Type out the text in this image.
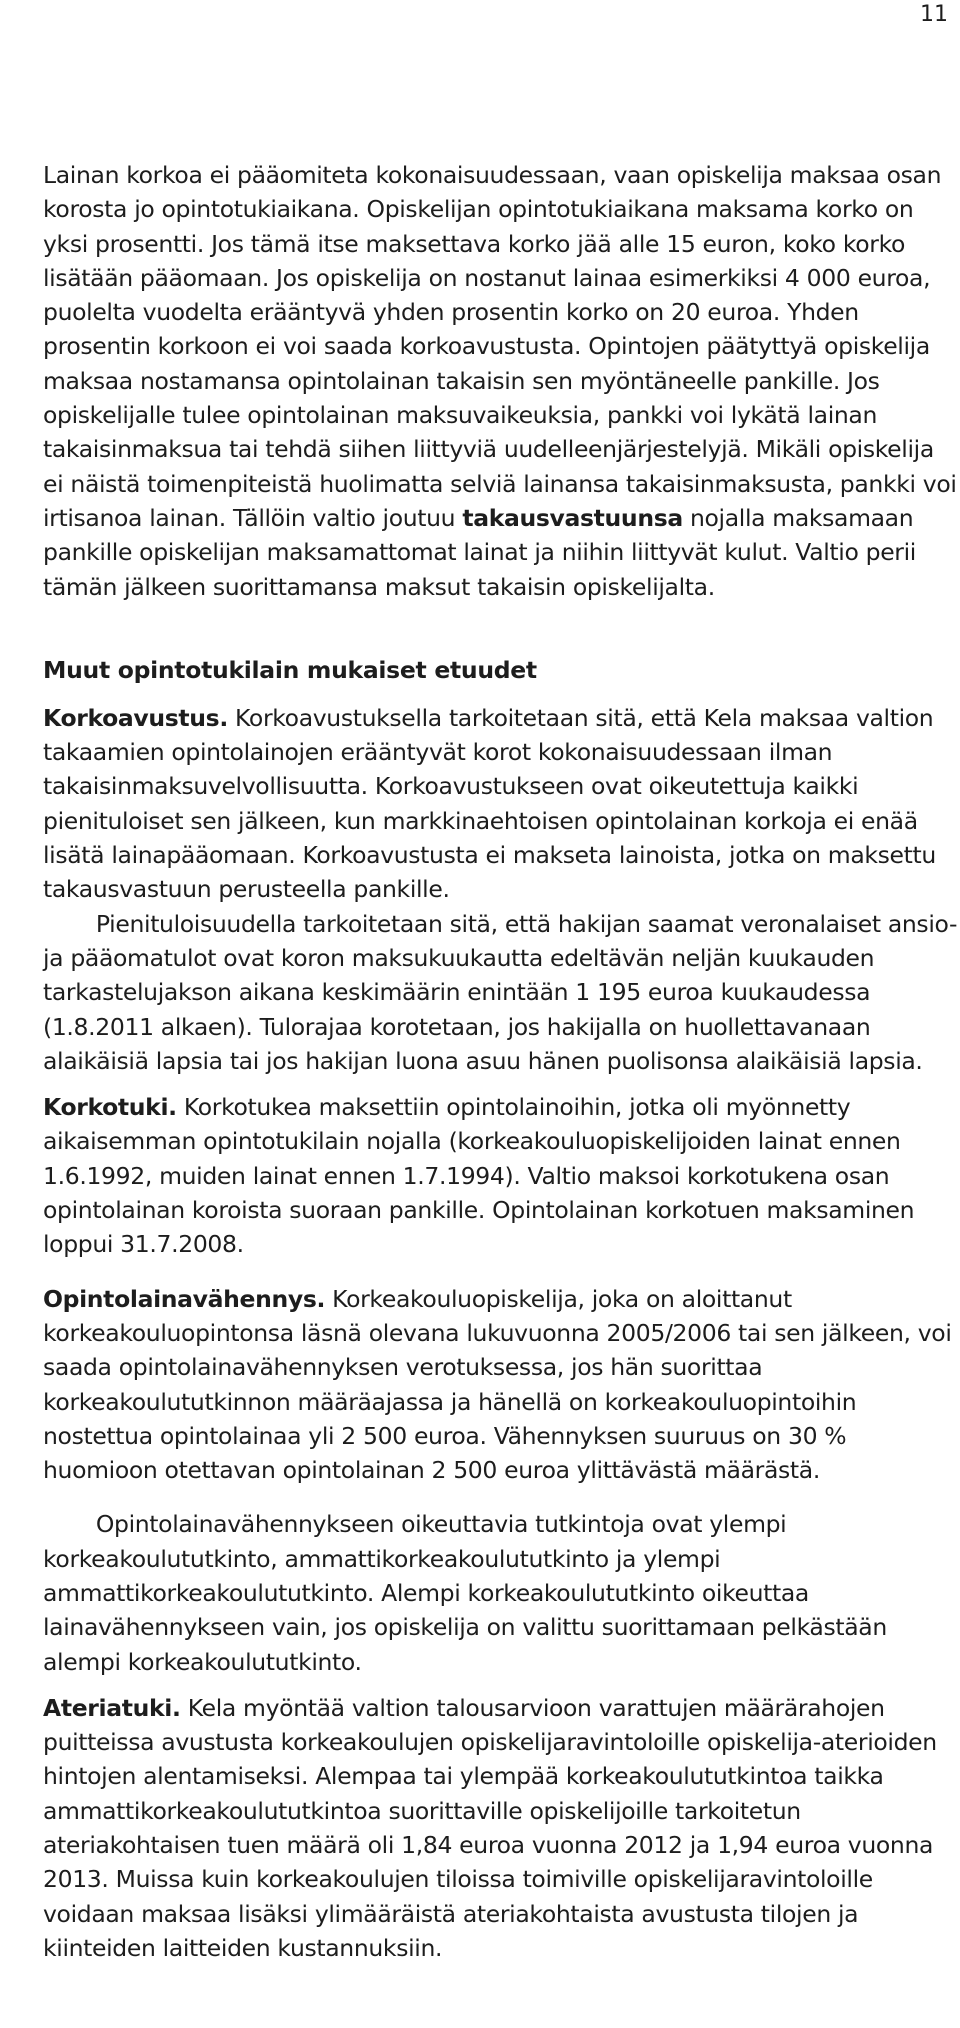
11

Lainan korkoa ei pääomiteta kokonaisuudessaan, vaan opiskelija maksaa osan korosta jo opintotukiaikana. Opiskelijan opintotukiaikana maksama korko on yksi prosentti. Jos tämä itse maksettava korko jää alle 15 euron, koko korko lisätään pääomaan. Jos opiskelija on nostanut lainaa esimerkiksi 4 000 euroa, puolelta vuodelta erääntyvä yhden prosentin korko on 20 euroa. Yhden prosentin korkoon ei voi saada korkoavustusta. Opintojen päätyttyä opiskelija maksaa nostamansa opintolainan takaisin sen myöntäneelle pankille. Jos opiskelijalle tulee opintolainan maksuvaikeuksia, pankki voi lykätä lainan takaisinmaksua tai tehdä siihen liittyviä uudelleenjärjestelyjä. Mikäli opiskelija ei näistä toimenpiteistä huolimatta selviä lainansa takaisinmaksusta, pankki voi irtisanoa lainan. Tällöin valtio joutuu takausvastuunsa nojalla maksamaan pankille opiskelijan maksamattomat lainat ja niihin liittyvät kulut. Valtio perii tämän jälkeen suorittamansa maksut takaisin opiskelijalta.

Muut opintotukilain mukaiset etuudet

Korkoavustus. Korkoavustuksella tarkoitetaan sitä, että Kela maksaa valtion takaamien opintolainojen erääntyvät korot kokonaisuudessaan ilman takaisinmaksuvelvollisuutta. Korkoavustukseen ovat oikeutettuja kaikki pienituloiset sen jälkeen, kun markkinaehtoisen opintolainan korkoja ei enää lisätä lainapääomaan. Korkoavustusta ei makseta lainoista, jotka on maksettu takausvastuun perusteella pankille.

Pienituloisuudella tarkoitetaan sitä, että hakijan saamat veronalaiset ansio- ja pääomatulot ovat koron maksukuukautta edeltävän neljän kuukauden tarkastelujakson aikana keskimäärin enintään 1 195 euroa kuukaudessa (1.8.2011 alkaen). Tulorajaa korotetaan, jos hakijalla on huollettavanaan alaikäisiä lapsia tai jos hakijan luona asuu hänen puolisonsa alaikäisiä lapsia.

Korkotuki. Korkotukea maksettiin opintolainoihin, jotka oli myönnetty aikaisemman opintotukilain nojalla (korkeakouluopiskelijoiden lainat ennen 1.6.1992, muiden lainat ennen 1.7.1994). Valtio maksoi korkotukena osan opintolainan koroista suoraan pankille. Opintolainan korkotuen maksaminen loppui 31.7.2008.

Opintolainavähennys. Korkeakouluopiskelija, joka on aloittanut korkeakouluopintonsa läsnä olevana lukuvuonna 2005/2006 tai sen jälkeen, voi saada opintolainavähennyksen verotuksessa, jos hän suorittaa korkeakoulututkinnon määräajassa ja hänellä on korkeakouluopintoihin nostettua opintolainaa yli 2 500 euroa. Vähennyksen suuruus on 30 % huomioon otettavan opintolainan 2 500 euroa ylittävästä määrästä.

Opintolainavähennykseen oikeuttavia tutkintoja ovat ylempi korkeakoulututkinto, ammattikorkeakoulututkinto ja ylempi ammattikorkeakoulututkinto. Alempi korkeakoulututkinto oikeuttaa lainavähennykseen vain, jos opiskelija on valittu suorittamaan pelkästään alempi korkeakoulututkinto.

Ateriatuki. Kela myöntää valtion talousarvioon varattujen määrärahojen puitteissa avustusta korkeakoulujen opiskelijaravintoloille opiskelija-aterioiden hintojen alentamiseksi. Alempaa tai ylempää korkeakoulututkintoa taikka ammattikorkeakoulututkintoa suorittaville opiskelijoille tarkoitetun ateriakohtaisen tuen määrä oli 1,84 euroa vuonna 2012 ja 1,94 euroa vuonna 2013. Muissa kuin korkeakoulujen tiloissa toimiville opiskelijaravintoloille voidaan maksaa lisäksi ylimääräistä ateriakohtaista avustusta tilojen ja kiinteiden laitteiden kustannuksiin.
